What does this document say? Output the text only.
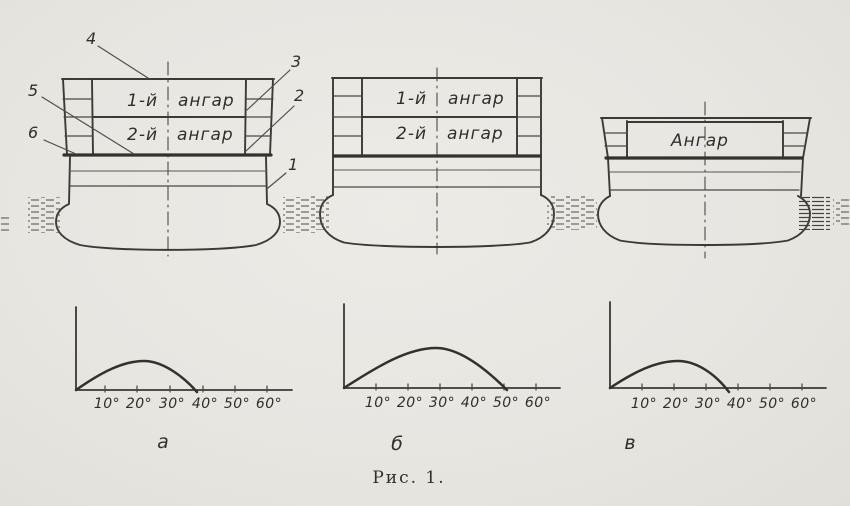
1-й ангар
2-й ангар
4
3
2
1
5
6
1-й ангар
2-й ангар	Ангар
10° 20° 30° 40° 50° 60°
а
10° 20° 30° 40° 50° 60°
б
10° 20° 30° 40° 50° 60°
в
Рис. 1.
